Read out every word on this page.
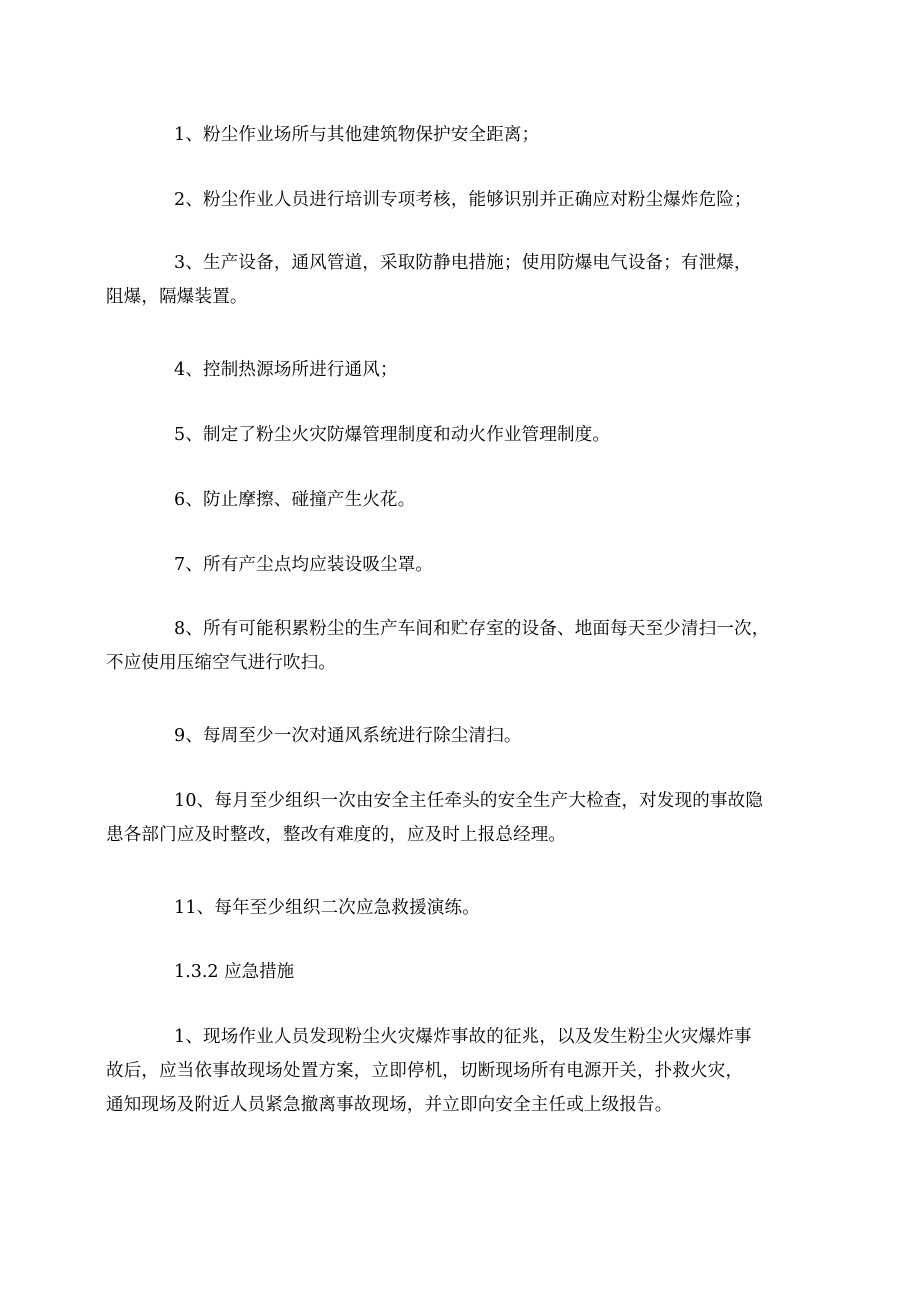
1、粉尘作业场所与其他建筑物保护安全距离；

2、粉尘作业人员进行培训专项考核，能够识别并正确应对粉尘爆炸危险；

3、生产设备，通风管道，采取防静电措施；使用防爆电气设备；有泄爆，
阻爆，隔爆装置。

4、控制热源场所进行通风；

5、制定了粉尘火灾防爆管理制度和动火作业管理制度。

6、防止摩擦、碰撞产生火花。

7、所有产尘点均应装设吸尘罩。

8、所有可能积累粉尘的生产车间和贮存室的设备、地面每天至少清扫一次，
不应使用压缩空气进行吹扫。

9、每周至少一次对通风系统进行除尘清扫。

10、每月至少组织一次由安全主任牵头的安全生产大检查，对发现的事故隐
患各部门应及时整改，整改有难度的，应及时上报总经理。

11、每年至少组织二次应急救援演练。

1.3.2 应急措施

1、现场作业人员发现粉尘火灾爆炸事故的征兆，以及发生粉尘火灾爆炸事
故后，应当依事故现场处置方案，立即停机，切断现场所有电源开关，扑救火灾，
通知现场及附近人员紧急撤离事故现场，并立即向安全主任或上级报告。
